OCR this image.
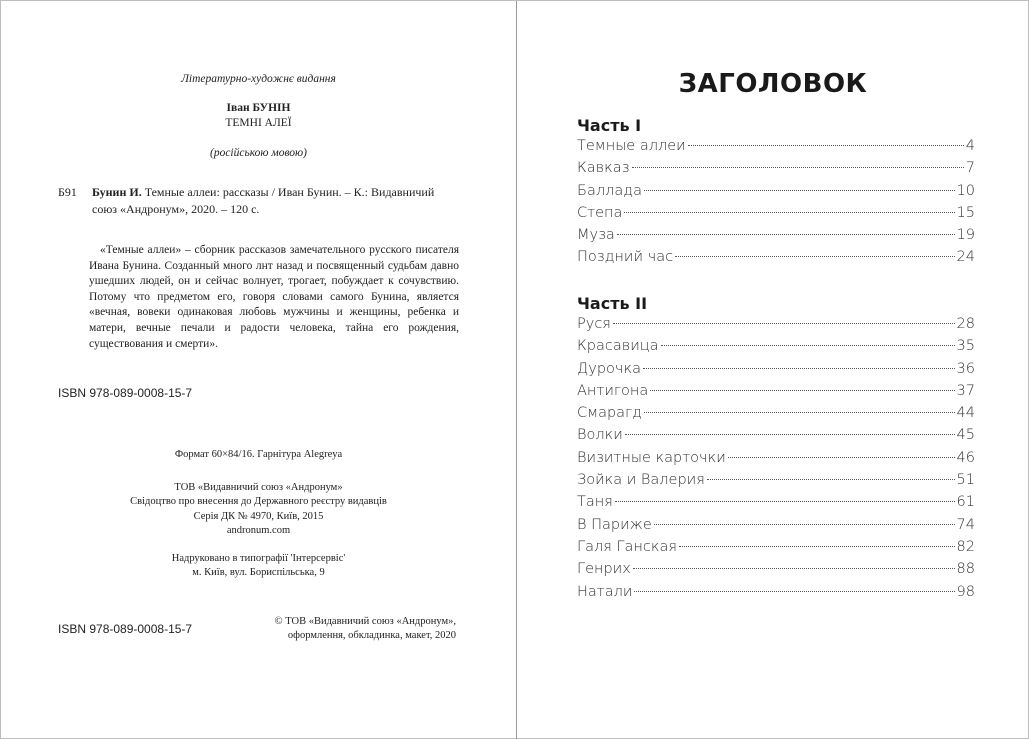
Літературно-художнє видання
Іван БУНІН
ТЕМНІ АЛЕЇ
(російською мовою)
Б91 Бунин И. Темные аллеи: рассказы / Иван Бунин. – К.: Видавничий союз «Андронум», 2020. – 120 с.

«Темные аллеи» – сборник рассказов замечательного русского писателя Ивана Бунина. Созданный много лнт назад и посвященный судьбам давно ушедших людей, он и сейчас волнует, трогает, побуждает к сочувствию. Потому что предметом его, говоря словами самого Бунина, является «вечная, вовеки одинаковая любовь мужчины и женщины, ребенка и матери, вечные печали и радости человека, тайна его рождения, существования и смерти».

ISBN 978-089-0008-15-7
Формат 60×84/16. Гарнітура Alegreya
ТОВ «Видавничий союз «Андронум»
Свідоцтво про внесення до Державного реєстру видавців
Серія ДК № 4970, Київ, 2015
andronum.com
Надруковано в типографії 'Інтерсервіс'
м. Київ, вул. Бориспільська, 9
ISBN 978-089-0008-15-7
© ТОВ «Видавничий союз «Андронум»,
оформлення, обкладинка, макет, 2020
ЗАГОЛОВОК
Часть I
Темные аллеи	4
Кавказ	7
Баллада	10
Степа	15
Муза	19
Поздний час	24
Часть II
Руся	28
Красавица	35
Дурочка	36
Антигона	37
Смарагд	44
Волки	45
Визитные карточки	46
Зойка и Валерия	51
Таня	61
В Париже	74
Галя Ганская	82
Генрих	88
Натали	98
